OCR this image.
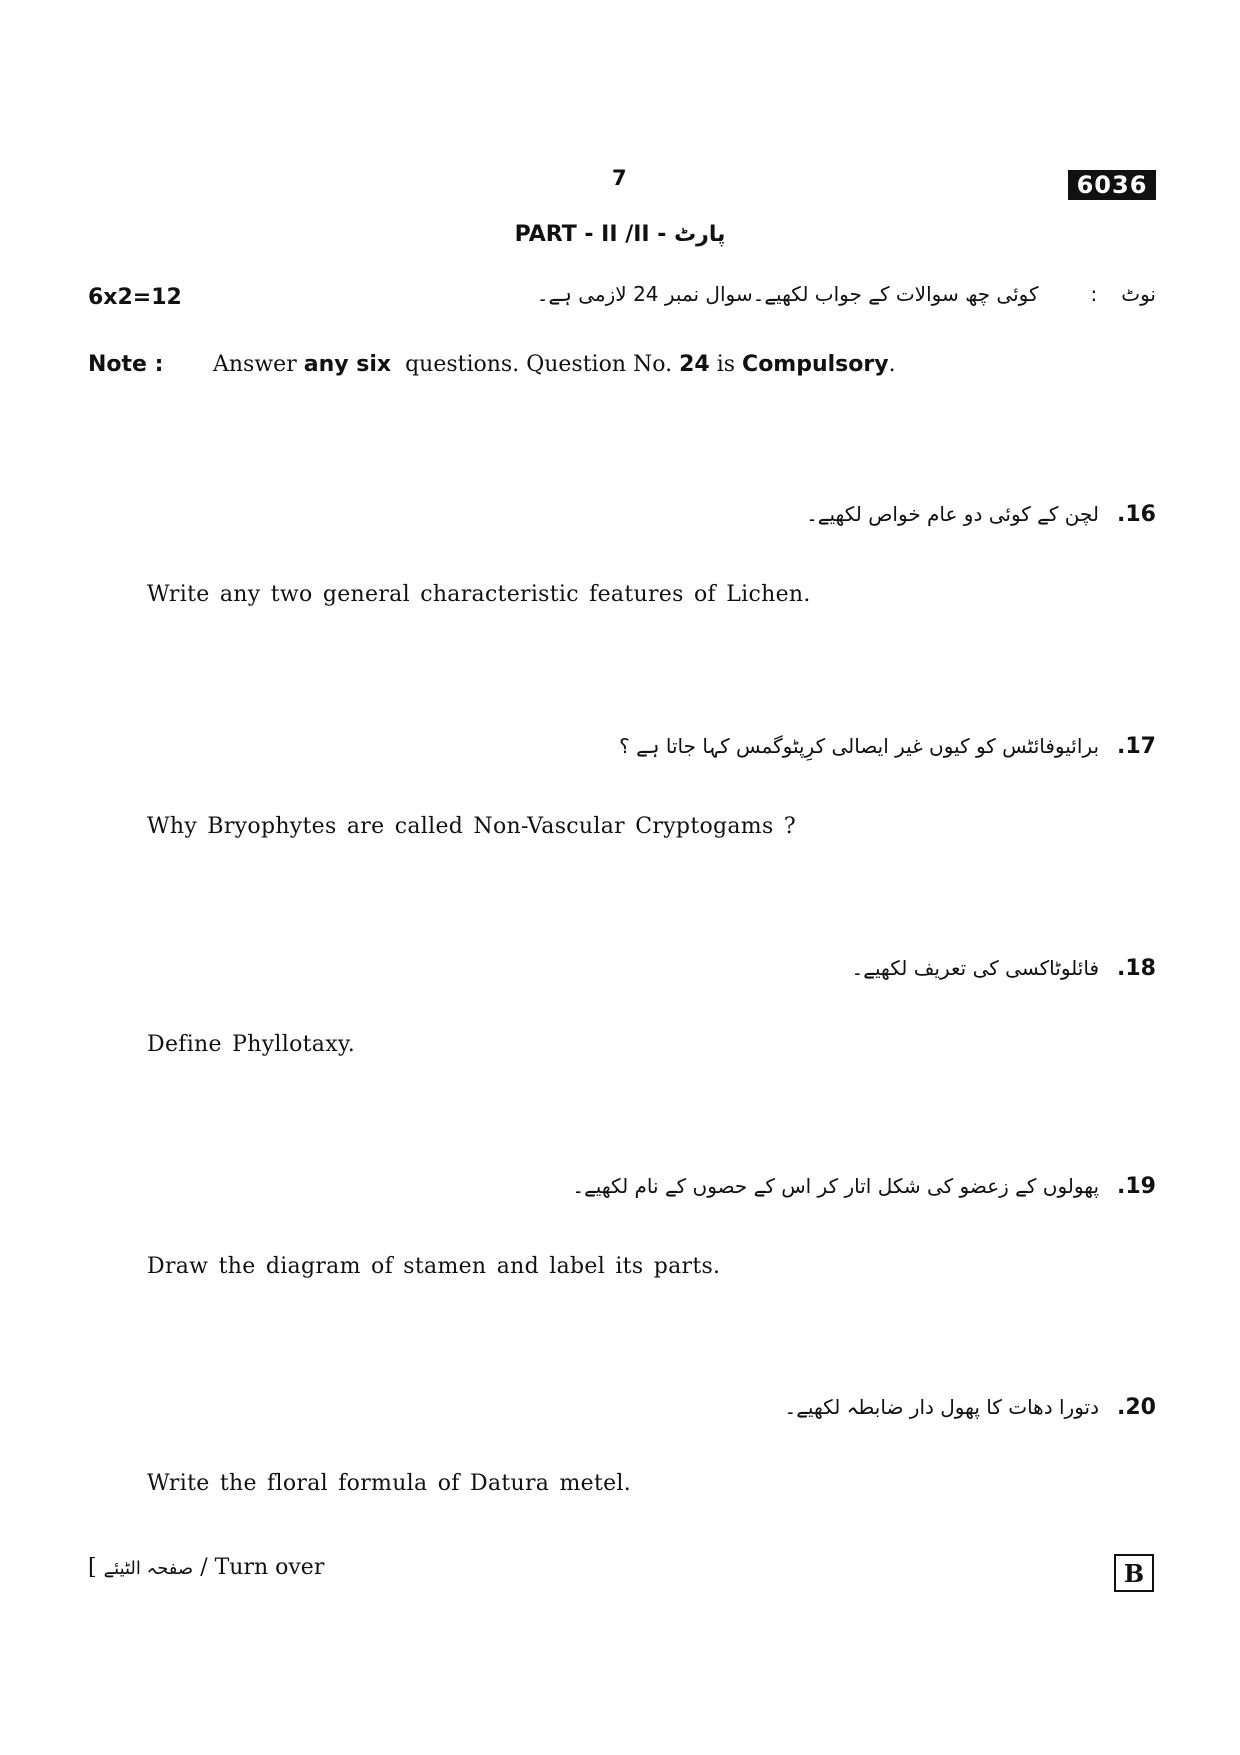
7	6036
PART - II /II - پارٹ
6x2=12	نوٹ:کوئی چھ سوالات کے جواب لکھیے۔سوال نمبر 24 لازمی ہے۔
Note : Answer any six questions. Question No. 24 is Compulsory.
16.لچن کے کوئی دو عام خواص لکھیے۔
Write any two general characteristic features of Lichen.
17.برائیوفائٹس کو کیوں غیر ایصالی کرِپٹوگمس کہا جاتا ہے ؟
Why Bryophytes are called Non-Vascular Cryptogams ?
18.فائلوٹاکسی کی تعریف لکھیے۔
Define Phyllotaxy.
19.پھولوں کے زعضو کی شکل اتار کر اس کے حصوں کے نام لکھیے۔
Draw the diagram of stamen and label its parts.
20.دتورا دھات کا پھول دار ضابطہ لکھیے۔
Write the floral formula of Datura metel.
[ صفحہ الٹیئے / Turn over	B
